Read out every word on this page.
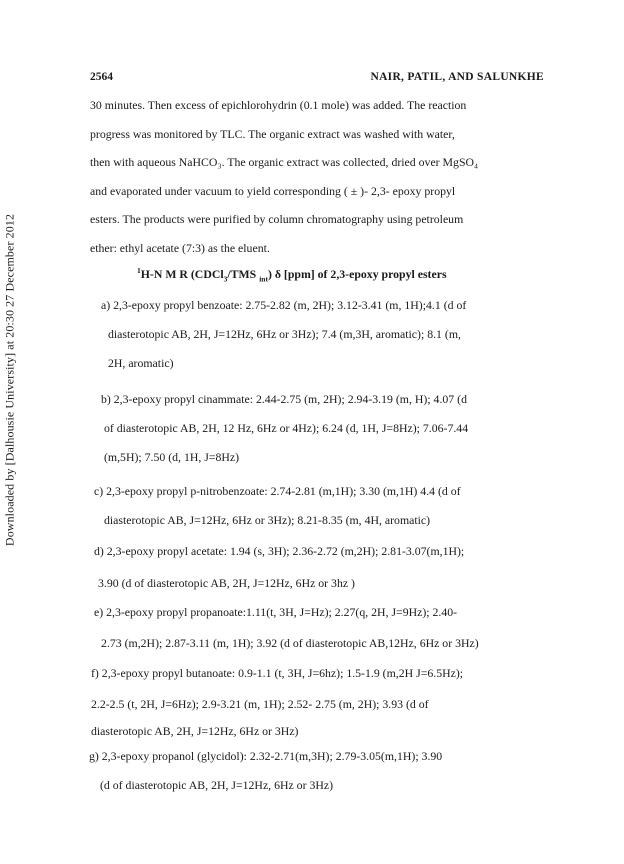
Downloaded by [Dalhousie University] at 20:30 27 December 2012
2564	NAIR, PATIL, AND SALUNKHE
30 minutes. Then excess of epichlorohydrin (0.1 mole) was added. The reaction
progress was monitored by TLC. The organic extract was washed with water,
then with aqueous NaHCO₃. The organic extract was collected, dried over MgSO₄
and evaporated under vacuum to yield corresponding ( ± )- 2,3- epoxy propyl
esters. The products were purified by column chromatography using petroleum
ether: ethyl acetate (7:3) as the eluent.
$^1$H-N M R (CDCl$_3$/TMS $_{int}$) δ [ppm] of 2,3-epoxy propyl esters
a) 2,3-epoxy propyl benzoate: 2.75-2.82 (m, 2H); 3.12-3.41 (m, 1H);4.1 (d of
diasterotopic AB, 2H, J=12Hz, 6Hz or 3Hz); 7.4 (m,3H, aromatic); 8.1 (m,
2H, aromatic)
b) 2,3-epoxy propyl cinammate: 2.44-2.75 (m, 2H); 2.94-3.19 (m, H); 4.07 (d
of diasterotopic AB, 2H, 12 Hz, 6Hz or 4Hz); 6.24 (d, 1H, J=8Hz); 7.06-7.44
(m,5H); 7.50 (d, 1H, J=8Hz)
c) 2,3-epoxy propyl p-nitrobenzoate: 2.74-2.81 (m,1H); 3.30 (m,1H) 4.4 (d of
diasterotopic AB, J=12Hz, 6Hz or 3Hz); 8.21-8.35 (m, 4H, aromatic)
d) 2,3-epoxy propyl acetate: 1.94 (s, 3H); 2.36-2.72 (m,2H); 2.81-3.07(m,1H);
3.90 (d of diasterotopic AB, 2H, J=12Hz, 6Hz or 3hz )
e) 2,3-epoxy propyl propanoate:1.11(t, 3H, J=Hz); 2.27(q, 2H, J=9Hz); 2.40-
2.73 (m,2H); 2.87-3.11 (m, 1H); 3.92 (d of diasterotopic AB,12Hz, 6Hz or 3Hz)
f) 2,3-epoxy propyl butanoate: 0.9-1.1 (t, 3H, J=6hz); 1.5-1.9 (m,2H J=6.5Hz);
2.2-2.5 (t, 2H, J=6Hz); 2.9-3.21 (m, 1H); 2.52- 2.75 (m, 2H); 3.93 (d of
diasterotopic AB, 2H, J=12Hz, 6Hz or 3Hz)
g) 2,3-epoxy propanol (glycidol): 2.32-2.71(m,3H); 2.79-3.05(m,1H); 3.90
(d of diasterotopic AB, 2H, J=12Hz, 6Hz or 3Hz)
